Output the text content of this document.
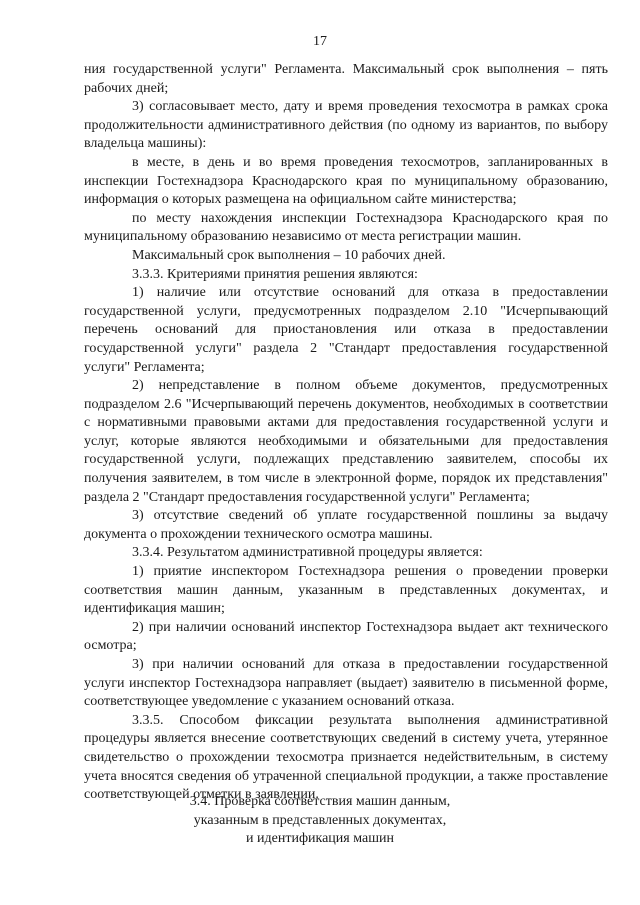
17

ния государственной услуги" Регламента. Максимальный срок выполнения – пять рабочих дней;

3) согласовывает место, дату и время проведения техосмотра в рамках срока продолжительности административного действия (по одному из вариантов, по выбору владельца машины):

в месте, в день и во время проведения техосмотров, запланированных в инспекции Гостехнадзора Краснодарского края по муниципальному образованию, информация о которых размещена на официальном сайте министерства;

по месту нахождения инспекции Гостехнадзора Краснодарского края по муниципальному образованию независимо от места регистрации машин.

Максимальный срок выполнения – 10 рабочих дней.

3.3.3. Критериями принятия решения являются:

1) наличие или отсутствие оснований для отказа в предоставлении государственной услуги, предусмотренных подразделом 2.10 "Исчерпывающий перечень оснований для приостановления или отказа в предоставлении государственной услуги" раздела 2 "Стандарт предоставления государственной услуги" Регламента;

2) непредставление в полном объеме документов, предусмотренных подразделом 2.6 "Исчерпывающий перечень документов, необходимых в соответствии с нормативными правовыми актами для предоставления государственной услуги и услуг, которые являются необходимыми и обязательными для предоставления государственной услуги, подлежащих представлению заявителем, способы их получения заявителем, в том числе в электронной форме, порядок их представления" раздела 2 "Стандарт предоставления государственной услуги" Регламента;

3) отсутствие сведений об уплате государственной пошлины за выдачу документа о прохождении технического осмотра машины.

3.3.4. Результатом административной процедуры является:

1) приятие инспектором Гостехнадзора решения о проведении проверки соответствия машин данным, указанным в представленных документах, и идентификация машин;

2) при наличии оснований инспектор Гостехнадзора выдает акт технического осмотра;

3) при наличии оснований для отказа в предоставлении государственной услуги инспектор Гостехнадзора направляет (выдает) заявителю в письменной форме, соответствующее уведомление с указанием оснований отказа.

3.3.5. Способом фиксации результата выполнения административной процедуры является внесение соответствующих сведений в систему учета, утерянное свидетельство о прохождении техосмотра признается недействительным, в систему учета вносятся сведения об утраченной специальной продукции, а также проставление соответствующей отметки в заявлении.

3.4. Проверка соответствия машин данным,
указанным в представленных документах,
и идентификация машин
